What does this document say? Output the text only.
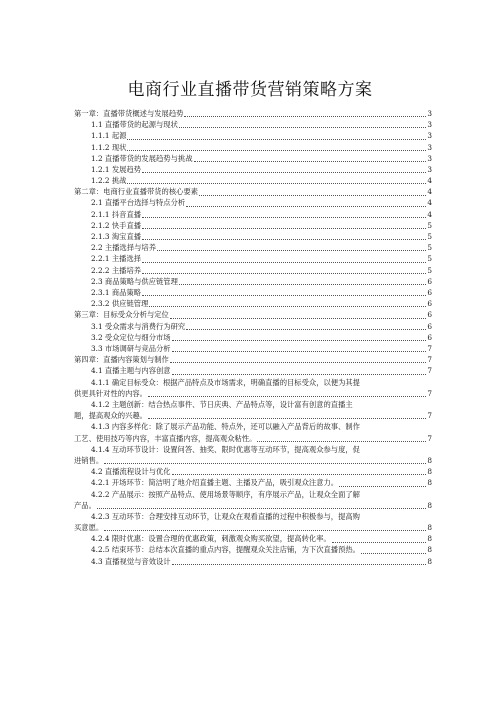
电商行业直播带货营销策略方案
第一章：直播带货概述与发展趋势	3
1.1 直播带货的起源与现状	3
1.1.1 起源	3
1.1.2 现状	3
1.2 直播带货的发展趋势与挑战	3
1.2.1 发展趋势	3
1.2.2 挑战	4
第二章：电商行业直播带货的核心要素	4
2.1 直播平台选择与特点分析	4
2.1.1 抖音直播	4
2.1.2 快手直播	5
2.1.3 淘宝直播	5
2.2 主播选择与培养	5
2.2.1 主播选择	5
2.2.2 主播培养	5
2.3 商品策略与供应链管理	6
2.3.1 商品策略	6
2.3.2 供应链管理	6
第三章：目标受众分析与定位	6
3.1 受众需求与消费行为研究	6
3.2 受众定位与细分市场	6
3.3 市场调研与竞品分析	7
第四章：直播内容策划与制作	7
4.1 直播主题与内容创意	7
4.1.1 确定目标受众：根据产品特点及市场需求，明确直播的目标受众，以便为其提
供更具针对性的内容。	7
4.1.2 主题创新：结合热点事件、节日庆典、产品特点等，设计富有创意的直播主
题，提高观众的兴趣。	7
4.1.3 内容多样化：除了展示产品功能、特点外，还可以融入产品背后的故事、制作
工艺、使用技巧等内容，丰富直播内容，提高观众粘性。	7
4.1.4 互动环节设计：设置问答、抽奖、限时优惠等互动环节，提高观众参与度，促
进销售。	8
4.2 直播流程设计与优化	8
4.2.1 开场环节：简洁明了地介绍直播主题、主播及产品，吸引观众注意力。	8
4.2.2 产品展示：按照产品特点、使用场景等顺序，有序展示产品，让观众全面了解
产品。	8
4.2.3 互动环节：合理安排互动环节，让观众在观看直播的过程中积极参与，提高购
买意愿。	8
4.2.4 限时优惠：设置合理的优惠政策，刺激观众购买欲望，提高转化率。	8
4.2.5 结束环节：总结本次直播的重点内容，提醒观众关注店铺，为下次直播预热。	8
4.3 直播视觉与音效设计	8
